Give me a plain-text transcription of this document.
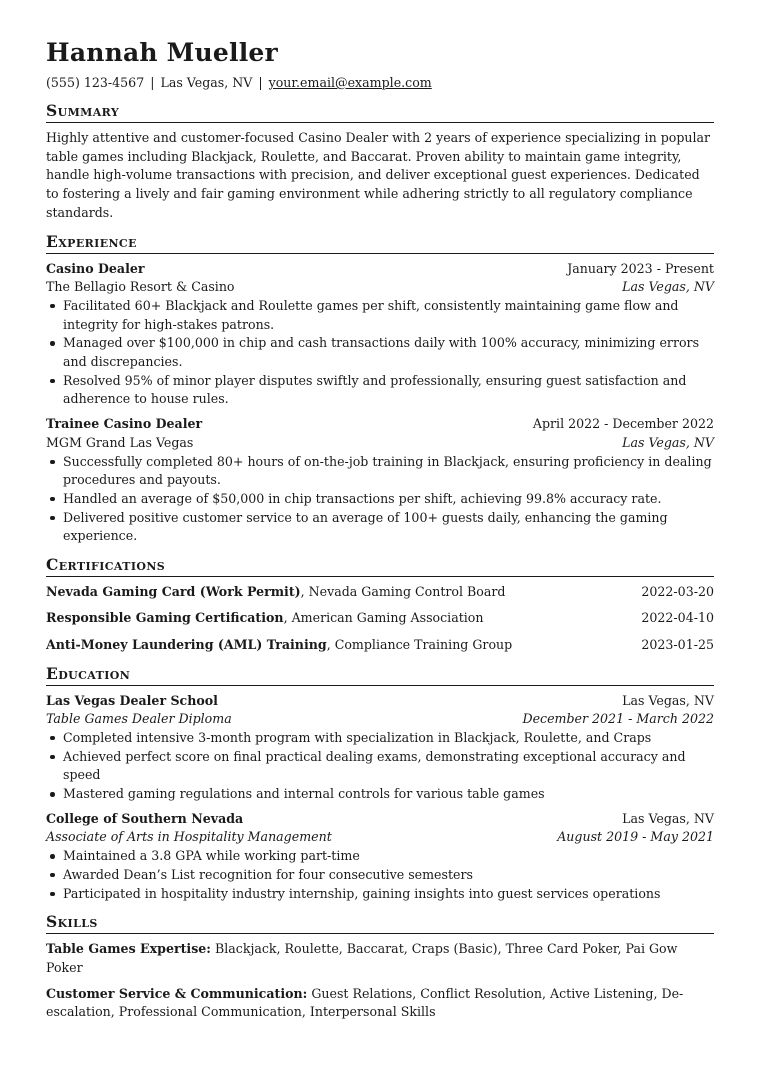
Hannah Mueller
(555) 123-4567 | Las Vegas, NV | your.email@example.com
Summary
Highly attentive and customer-focused Casino Dealer with 2 years of experience specializing in popular table games including Blackjack, Roulette, and Baccarat. Proven ability to maintain game integrity, handle high-volume transactions with precision, and deliver exceptional guest experiences. Dedicated to fostering a lively and fair gaming environment while adhering strictly to all regulatory compliance standards.
Experience
Casino Dealer	January 2023 - Present
The Bellagio Resort & Casino	Las Vegas, NV
Facilitated 60+ Blackjack and Roulette games per shift, consistently maintaining game flow and integrity for high-stakes patrons.
Managed over $100,000 in chip and cash transactions daily with 100% accuracy, minimizing errors and discrepancies.
Resolved 95% of minor player disputes swiftly and professionally, ensuring guest satisfaction and adherence to house rules.
Trainee Casino Dealer	April 2022 - December 2022
MGM Grand Las Vegas	Las Vegas, NV
Successfully completed 80+ hours of on-the-job training in Blackjack, ensuring proficiency in dealing procedures and payouts.
Handled an average of $50,000 in chip transactions per shift, achieving 99.8% accuracy rate.
Delivered positive customer service to an average of 100+ guests daily, enhancing the gaming experience.
Certifications
Nevada Gaming Card (Work Permit), Nevada Gaming Control Board	2022-03-20
Responsible Gaming Certification, American Gaming Association	2022-04-10
Anti-Money Laundering (AML) Training, Compliance Training Group	2023-01-25
Education
Las Vegas Dealer School	Las Vegas, NV
Table Games Dealer Diploma	December 2021 - March 2022
Completed intensive 3-month program with specialization in Blackjack, Roulette, and Craps
Achieved perfect score on final practical dealing exams, demonstrating exceptional accuracy and speed
Mastered gaming regulations and internal controls for various table games
College of Southern Nevada	Las Vegas, NV
Associate of Arts in Hospitality Management	August 2019 - May 2021
Maintained a 3.8 GPA while working part-time
Awarded Dean’s List recognition for four consecutive semesters
Participated in hospitality industry internship, gaining insights into guest services operations
Skills
Table Games Expertise: Blackjack, Roulette, Baccarat, Craps (Basic), Three Card Poker, Pai Gow Poker
Customer Service & Communication: Guest Relations, Conflict Resolution, Active Listening, De-escalation, Professional Communication, Interpersonal Skills
